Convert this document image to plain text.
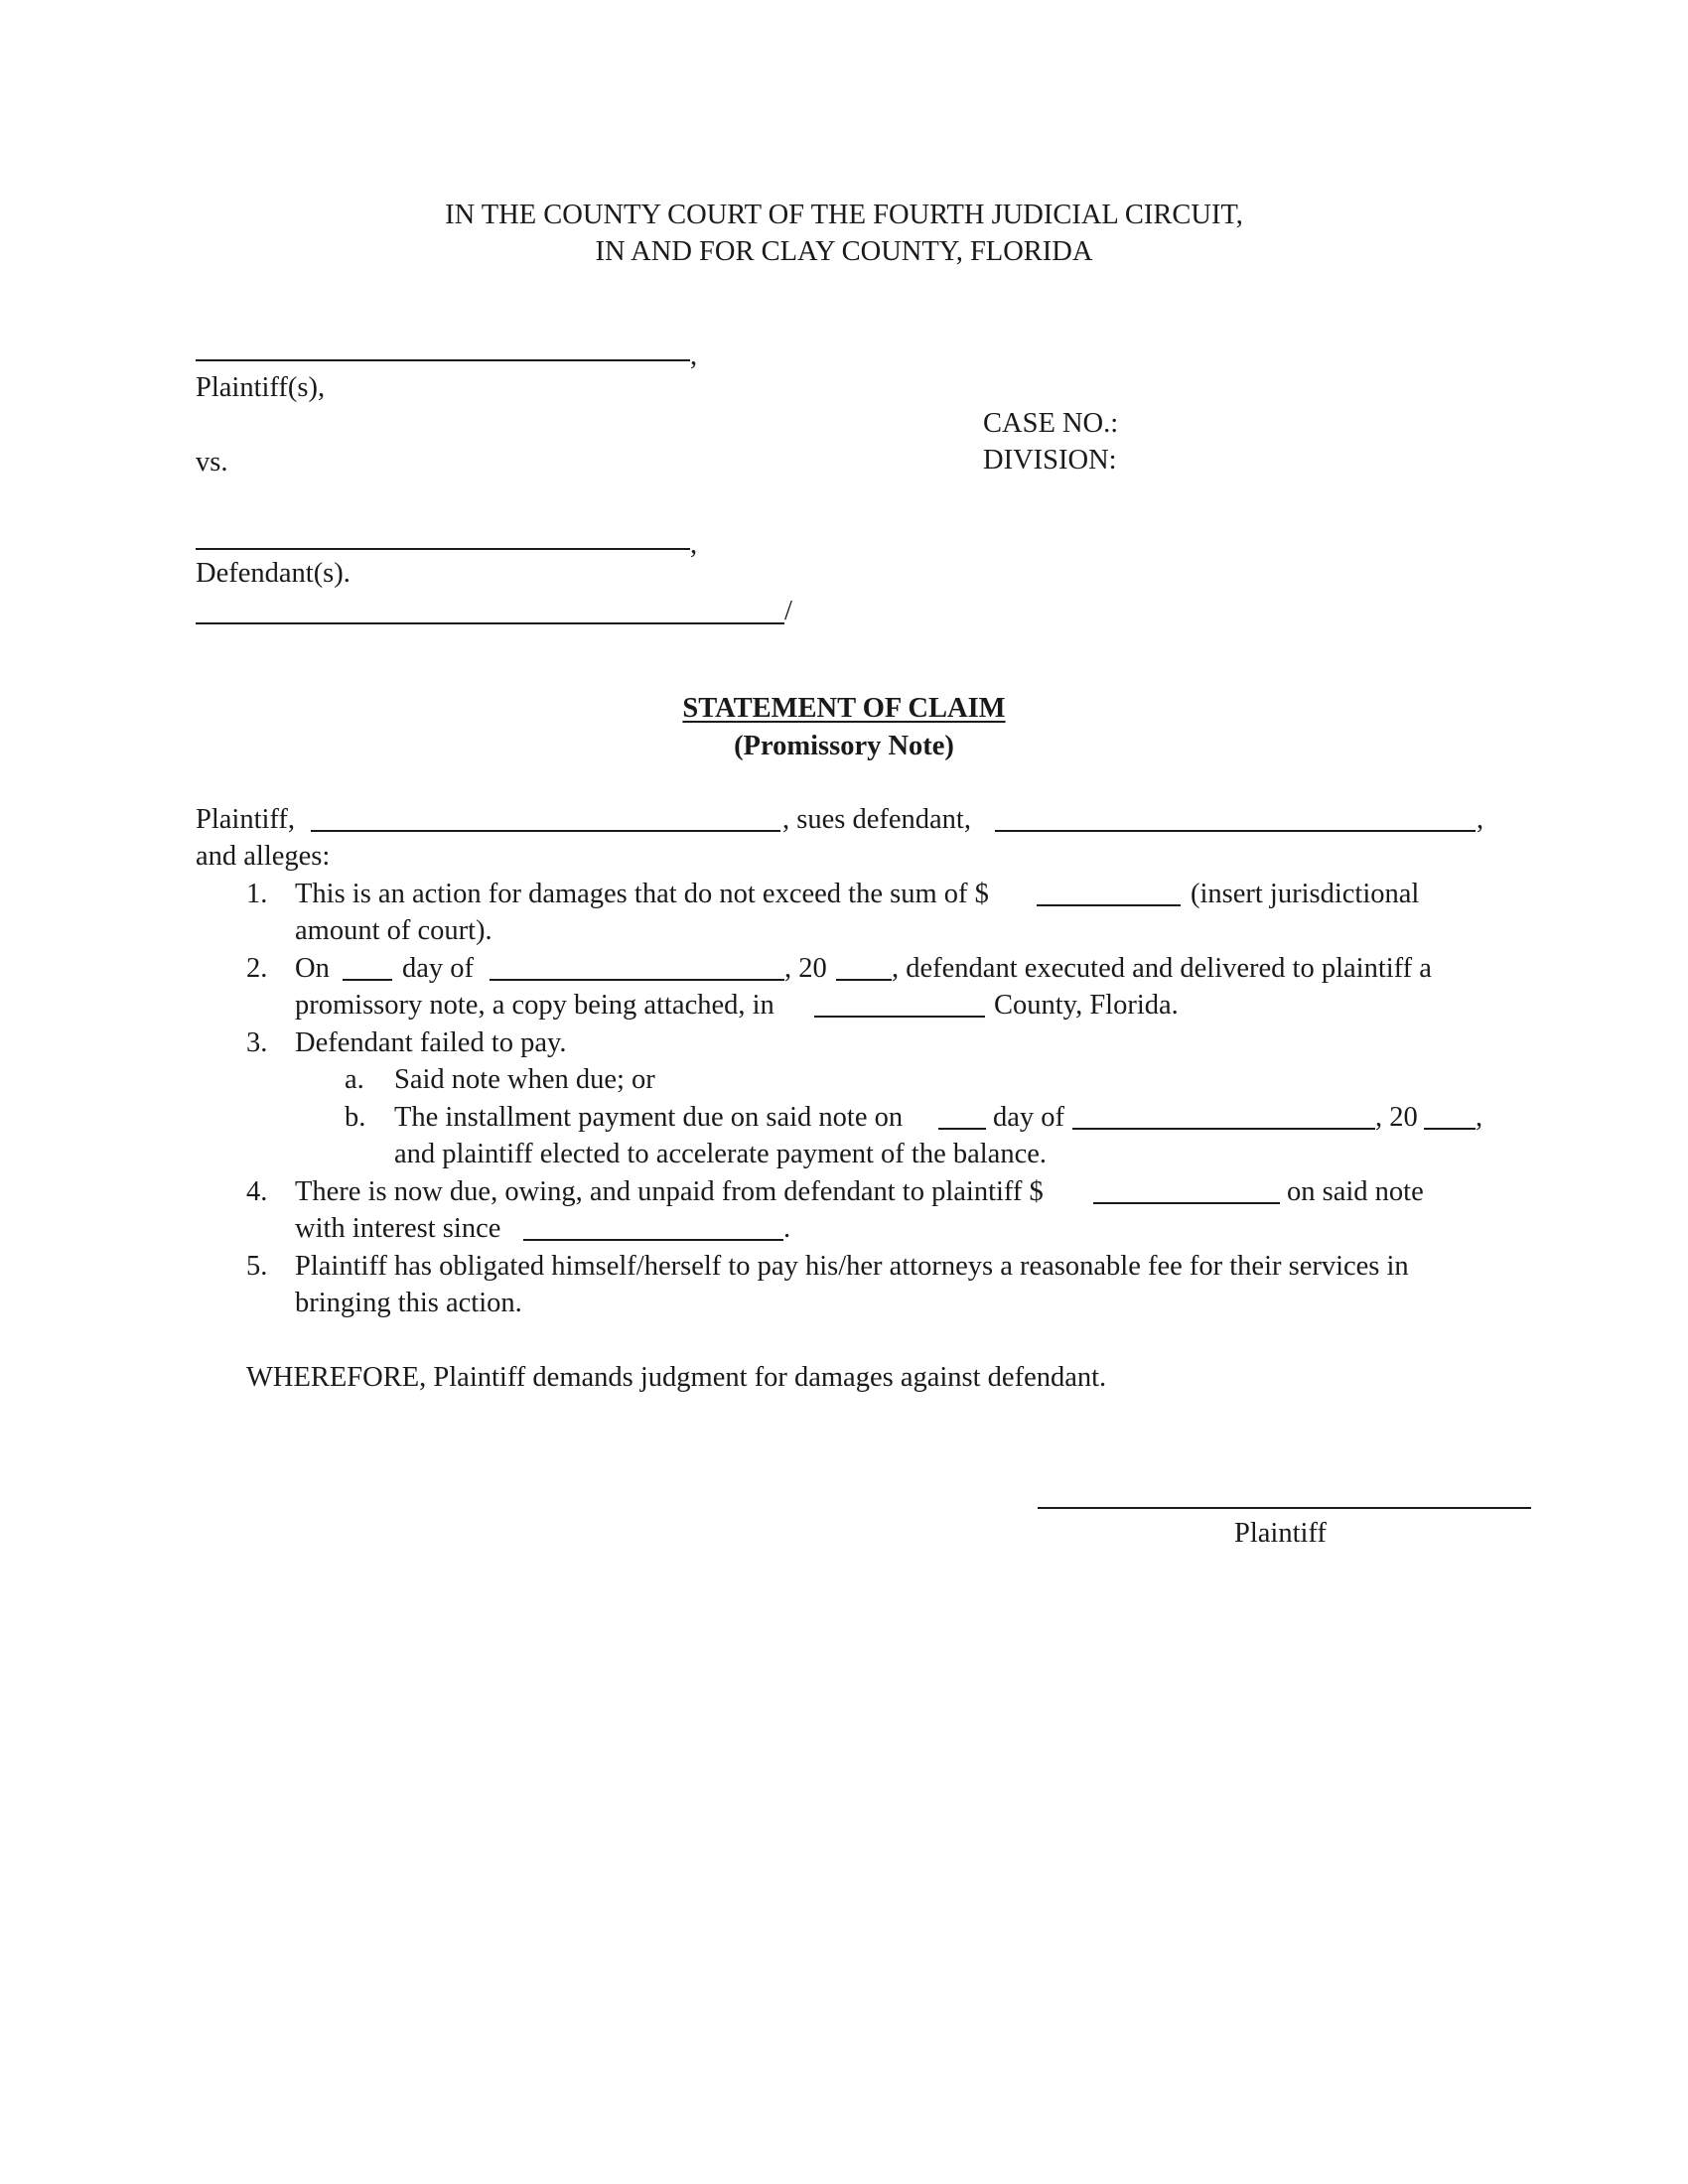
IN THE COUNTY COURT OF THE FOURTH JUDICIAL CIRCUIT,
IN AND FOR CLAY COUNTY, FLORIDA
,
Plaintiff(s),
CASE NO.:
DIVISION:
vs.
,
Defendant(s).
/
STATEMENT OF CLAIM
(Promissory Note)
Plaintiff,	, sues defendant,	,
and alleges:
1. This is an action for damages that do not exceed the sum of $	(insert jurisdictional
amount of court).
2. On	day of	, 20 , defendant executed and delivered to plaintiff a
promissory note, a copy being attached, in	County, Florida.
3. Defendant failed to pay.
a. Said note when due; or
b. The installment payment due on said note on	day of	, 20 ,
and plaintiff elected to accelerate payment of the balance.
4. There is now due, owing, and unpaid from defendant to plaintiff $	on said note
with interest since	.
5. Plaintiff has obligated himself/herself to pay his/her attorneys a reasonable fee for their services in
bringing this action.
WHEREFORE, Plaintiff demands judgment for damages against defendant.
Plaintiff
